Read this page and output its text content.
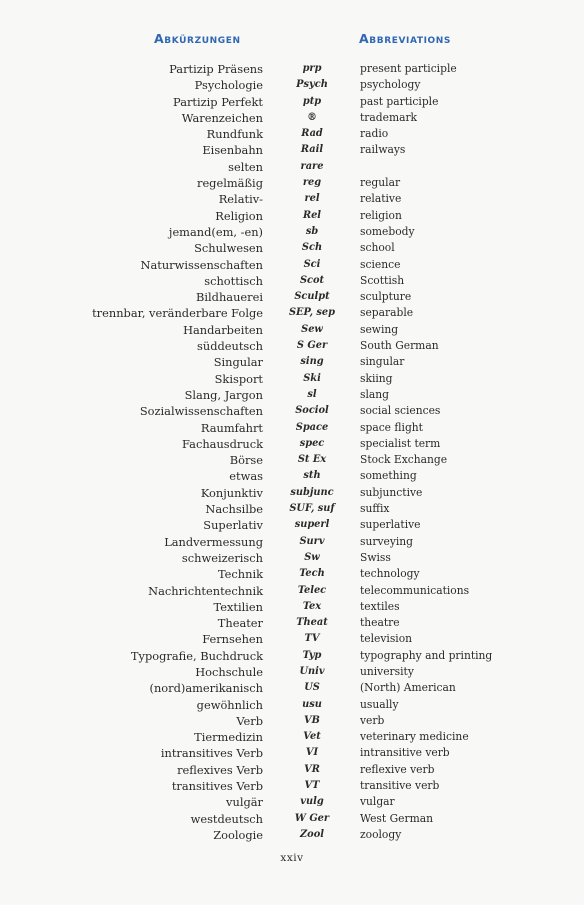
Abkürzungen	Abbreviations
Partizip Präsens	prp	present participle
Psychologie	Psych	psychology
Partizip Perfekt	ptp	past participle
Warenzeichen	®	trademark
Rundfunk	Rad	radio
Eisenbahn	Rail	railways
selten	rare
regelmäßig	reg	regular
Relativ-	rel	relative
Religion	Rel	religion
jemand(em, -en)	sb	somebody
Schulwesen	Sch	school
Naturwissenschaften	Sci	science
schottisch	Scot	Scottish
Bildhauerei	Sculpt	sculpture
trennbar, veränderbare Folge	SEP, sep	separable
Handarbeiten	Sew	sewing
süddeutsch	S Ger	South German
Singular	sing	singular
Skisport	Ski	skiing
Slang, Jargon	sl	slang
Sozialwissenschaften	Sociol	social sciences
Raumfahrt	Space	space flight
Fachausdruck	spec	specialist term
Börse	St Ex	Stock Exchange
etwas	sth	something
Konjunktiv	subjunc	subjunctive
Nachsilbe	SUF, suf	suffix
Superlativ	superl	superlative
Landvermessung	Surv	surveying
schweizerisch	Sw	Swiss
Technik	Tech	technology
Nachrichtentechnik	Telec	telecommunications
Textilien	Tex	textiles
Theater	Theat	theatre
Fernsehen	TV	television
Typografie, Buchdruck	Typ	typography and printing
Hochschule	Univ	university
(nord)amerikanisch	US	(North) American
gewöhnlich	usu	usually
Verb	VB	verb
Tiermedizin	Vet	veterinary medicine
intransitives Verb	VI	intransitive verb
reflexives Verb	VR	reflexive verb
transitives Verb	VT	transitive verb
vulgär	vulg	vulgar
westdeutsch	W Ger	West German
Zoologie	Zool	zoology
xxiv
